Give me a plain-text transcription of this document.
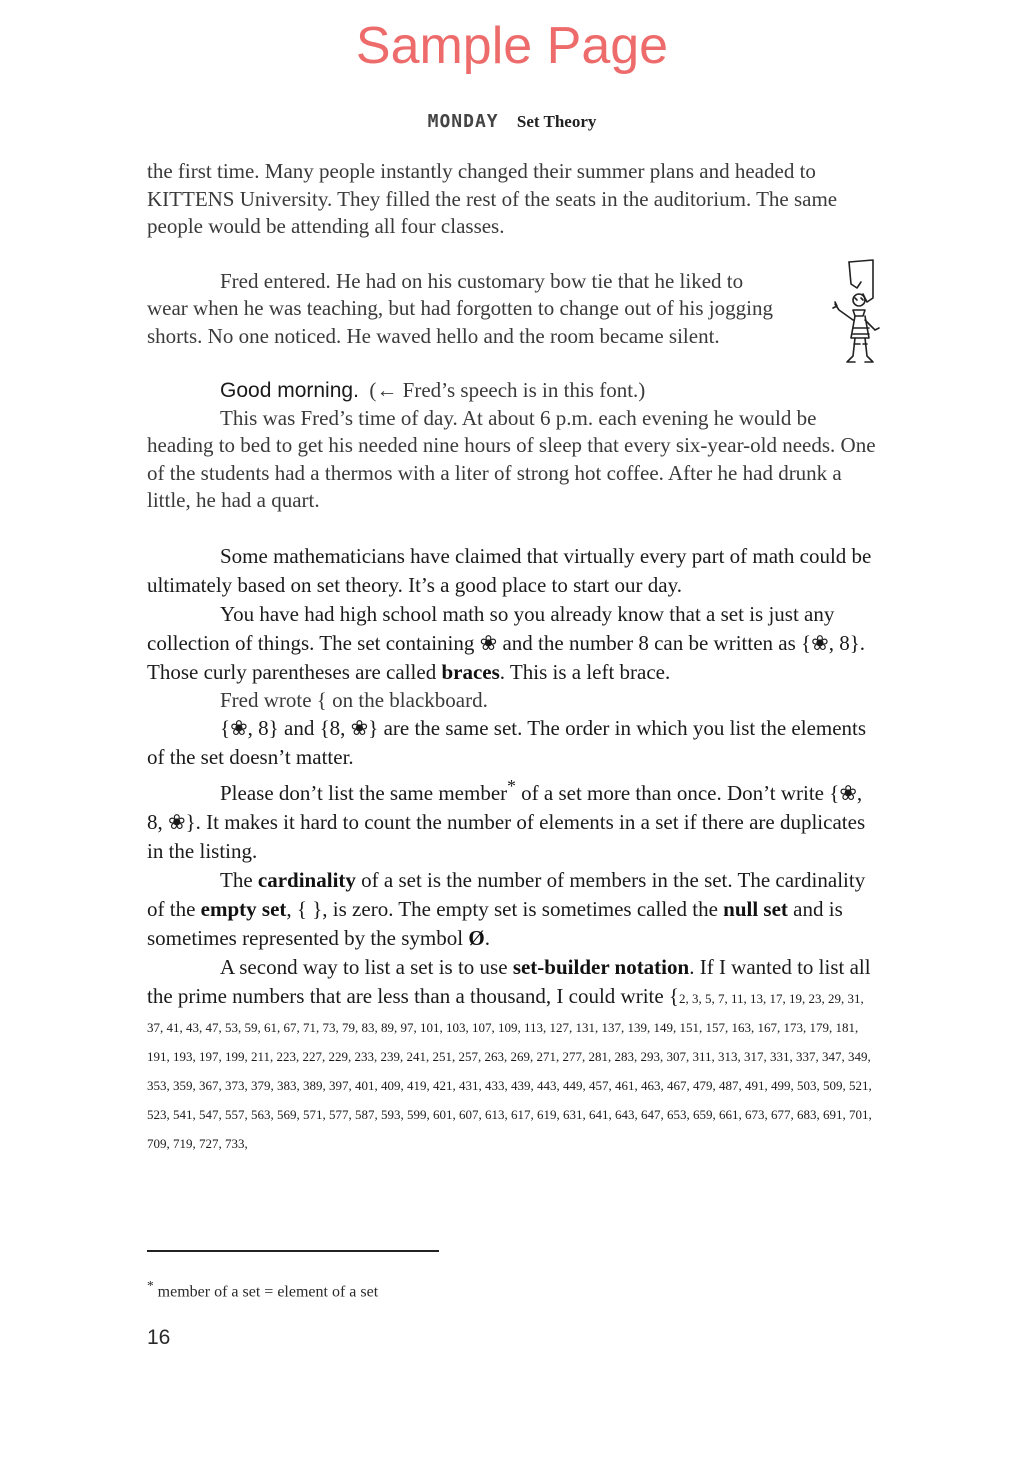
Sample Page
MONDAY Set Theory

the first time. Many people instantly changed their summer plans and headed to KITTENS University. They filled the rest of the seats in the auditorium. The same people would be attending all four classes.

Fred entered. He had on his customary bow tie that he liked to wear when he was teaching, but had forgotten to change out of his jogging shorts. No one noticed. He waved hello and the room became silent.

Good morning. (← Fred’s speech is in this font.)

This was Fred’s time of day. At about 6 p.m. each evening he would be heading to bed to get his needed nine hours of sleep that every six-year-old needs. One of the students had a thermos with a liter of strong hot coffee. After he had drunk a little, he had a quart.

Some mathematicians have claimed that virtually every part of math could be ultimately based on set theory. It’s a good place to start our day.

You have had high school math so you already know that a set is just any collection of things. The set containing ❀ and the number 8 can be written as {❀, 8}. Those curly parentheses are called braces. This is a left brace.

Fred wrote { on the blackboard.

{❀, 8} and {8, ❀} are the same set. The order in which you list the elements of the set doesn’t matter.

Please don’t list the same member* of a set more than once. Don’t write {❀, 8, ❀}. It makes it hard to count the number of elements in a set if there are duplicates in the listing.

The cardinality of a set is the number of members in the set. The cardinality of the empty set, { }, is zero. The empty set is sometimes called the null set and is sometimes represented by the symbol Ø.

A second way to list a set is to use set-builder notation. If I wanted to list all the prime numbers that are less than a thousand, I could write {2, 3, 5, 7, 11, 13, 17, 19, 23, 29, 31, 37, 41, 43, 47, 53, 59, 61, 67, 71, 73, 79, 83, 89, 97, 101, 103, 107, 109, 113, 127, 131, 137, 139, 149, 151, 157, 163, 167, 173, 179, 181, 191, 193, 197, 199, 211, 223, 227, 229, 233, 239, 241, 251, 257, 263, 269, 271, 277, 281, 283, 293, 307, 311, 313, 317, 331, 337, 347, 349, 353, 359, 367, 373, 379, 383, 389, 397, 401, 409, 419, 421, 431, 433, 439, 443, 449, 457, 461, 463, 467, 479, 487, 491, 499, 503, 509, 521, 523, 541, 547, 557, 563, 569, 571, 577, 587, 593, 599, 601, 607, 613, 617, 619, 631, 641, 643, 647, 653, 659, 661, 673, 677, 683, 691, 701, 709, 719, 727, 733,

* member of a set = element of a set
16
